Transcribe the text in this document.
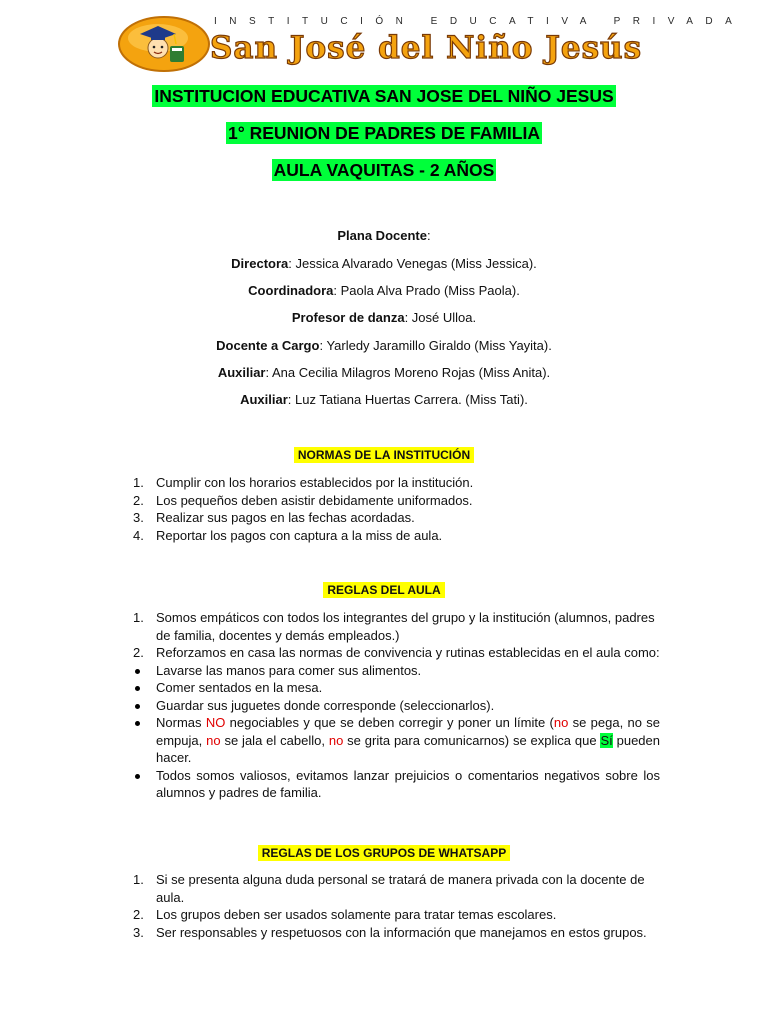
INSTITUCIÓN EDUCATIVA PRIVADA
San José del Niño Jesús
INSTITUCION EDUCATIVA SAN JOSE DEL NIÑO JESUS
1° REUNION DE PADRES DE FAMILIA
AULA VAQUITAS - 2 AÑOS
Plana Docente:
Directora: Jessica Alvarado Venegas (Miss Jessica).
Coordinadora: Paola Alva Prado (Miss Paola).
Profesor de danza: José Ulloa.
Docente a Cargo: Yarledy Jaramillo Giraldo (Miss Yayita).
Auxiliar: Ana Cecilia Milagros Moreno Rojas (Miss Anita).
Auxiliar: Luz Tatiana Huertas Carrera. (Miss Tati).
NORMAS DE LA INSTITUCIÓN
1. Cumplir con los horarios establecidos por la institución.
2. Los pequeños deben asistir debidamente uniformados.
3. Realizar sus pagos en las fechas acordadas.
4. Reportar los pagos con captura a la miss de aula.
REGLAS DEL AULA
1. Somos empáticos con todos los integrantes del grupo y la institución (alumnos, padres de familia, docentes y demás empleados.)
2. Reforzamos en casa las normas de convivencia y rutinas establecidas en el aula como:
Lavarse las manos para comer sus alimentos.
Comer sentados en la mesa.
Guardar sus juguetes donde corresponde (seleccionarlos).
Normas NO negociables y que se deben corregir y poner un límite (no se pega, no se empuja, no se jala el cabello, no se grita para comunicarnos) se explica que Sí pueden hacer.
Todos somos valiosos, evitamos lanzar prejuicios o comentarios negativos sobre los alumnos y padres de familia.
REGLAS DE LOS GRUPOS DE WHATSAPP
1. Si se presenta alguna duda personal se tratará de manera privada con la docente de aula.
2. Los grupos deben ser usados solamente para tratar temas escolares.
3. Ser responsables y respetuosos con la información que manejamos en estos grupos.
